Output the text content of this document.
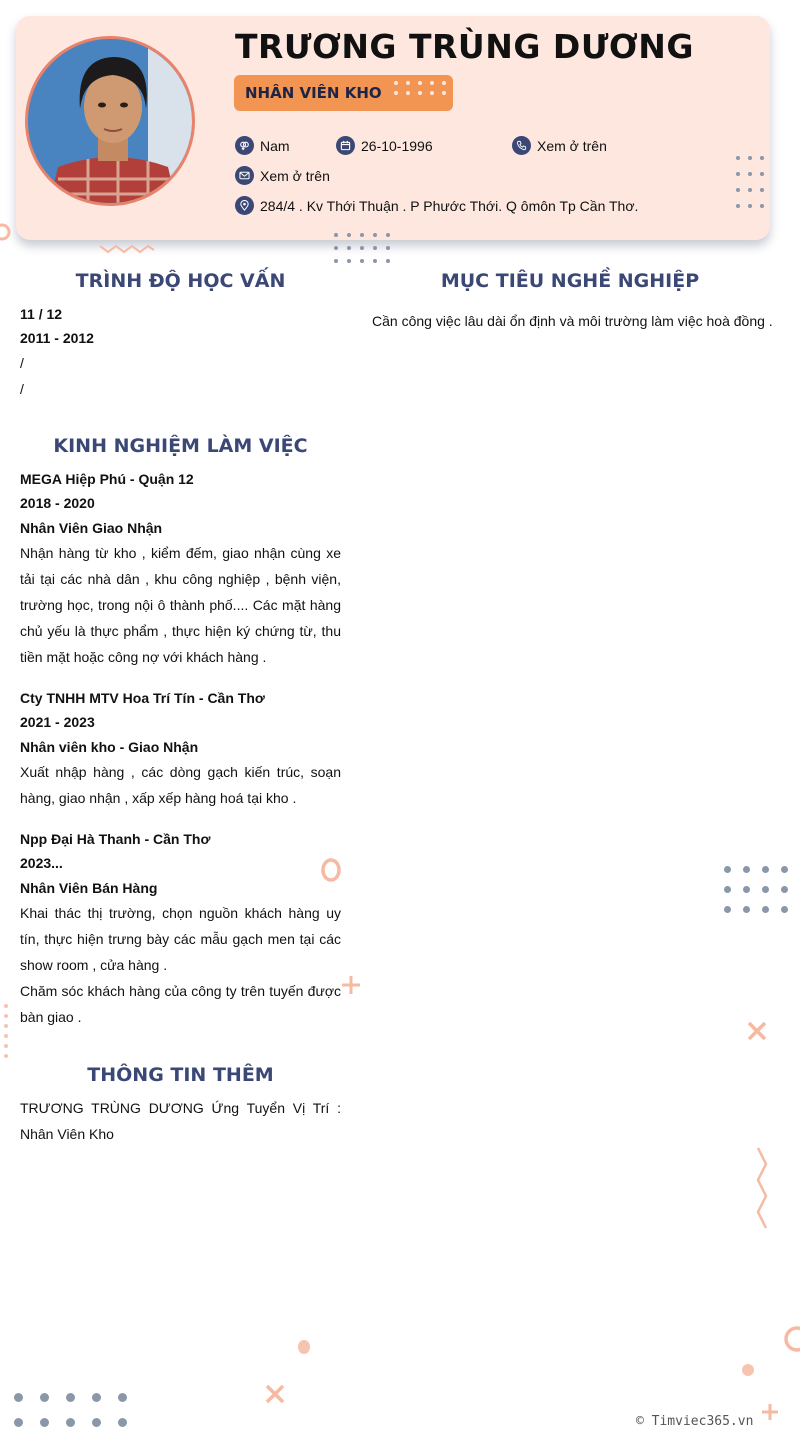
TRƯƠNG TRÙNG DƯƠNG
NHÂN VIÊN KHO
Nam	26-10-1996	Xem ở trên
Xem ở trên
284/4 . Kv Thới Thuận . P Phước Thới. Q ômôn Tp Cần Thơ.
TRÌNH ĐỘ HỌC VẤN
11 / 12
2011 - 2012
/
/
MỤC TIÊU NGHỀ NGHIỆP
Cần công việc lâu dài ổn định và môi trường làm việc hoà đồng .
KINH NGHIỆM LÀM VIỆC
MEGA Hiệp Phú - Quận 12
2018 - 2020
Nhân Viên Giao Nhận
Nhận hàng từ kho , kiểm đếm, giao nhận cùng xe tải tại các nhà dân , khu công nghiệp , bệnh viện, trường học, trong nội ô thành phố.... Các mặt hàng chủ yếu là thực phẩm , thực hiện ký chứng từ, thu tiền mặt hoặc công nợ với khách hàng .
Cty TNHH MTV Hoa Trí Tín - Cần Thơ
2021 - 2023
Nhân viên kho - Giao Nhận
Xuất nhập hàng , các dòng gạch kiến trúc, soạn hàng, giao nhận , xấp xếp hàng hoá tại kho .
Npp Đại Hà Thanh - Cần Thơ
2023...
Nhân Viên Bán Hàng
Khai thác thị trường, chọn nguồn khách hàng uy tín, thực hiện trưng bày các mẫu gạch men tại các show room , cửa hàng .
Chăm sóc khách hàng của công ty trên tuyến được bàn giao .
THÔNG TIN THÊM
TRƯƠNG TRÙNG DƯƠNG Ứng Tuyển Vị Trí : Nhân Viên Kho
© Timviec365.vn
